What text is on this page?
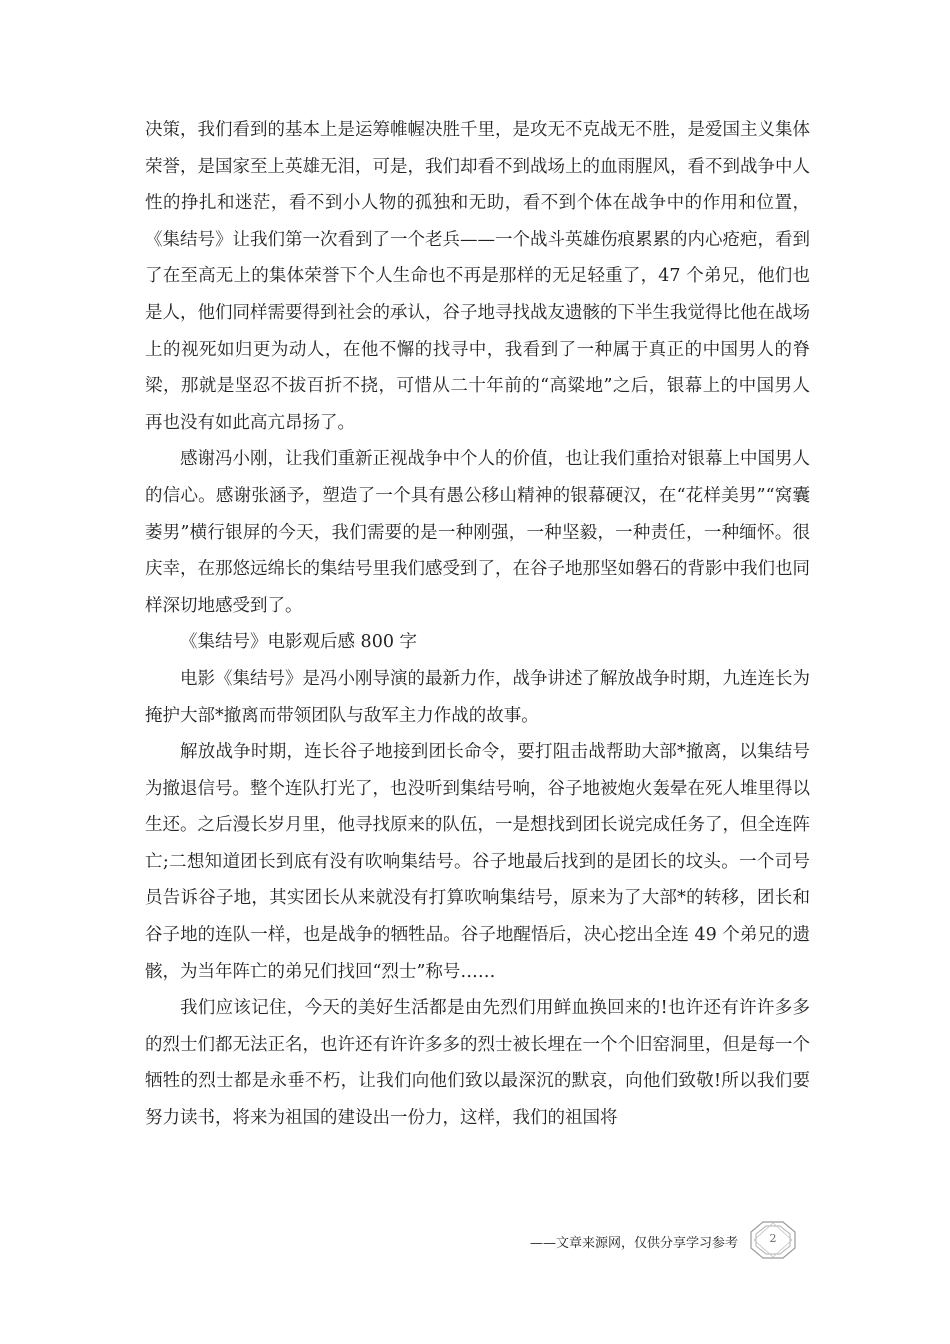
决策，我们看到的基本上是运筹帷幄决胜千里，是攻无不克战无不胜，是爱国主义集体荣誉，是国家至上英雄无泪，可是，我们却看不到战场上的血雨腥风，看不到战争中人性的挣扎和迷茫，看不到小人物的孤独和无助，看不到个体在战争中的作用和位置，《集结号》让我们第一次看到了一个老兵——一个战斗英雄伤痕累累的内心疮疤，看到了在至高无上的集体荣誉下个人生命也不再是那样的无足轻重了，47 个弟兄，他们也是人，他们同样需要得到社会的承认，谷子地寻找战友遗骸的下半生我觉得比他在战场上的视死如归更为动人，在他不懈的找寻中，我看到了一种属于真正的中国男人的脊梁，那就是坚忍不拔百折不挠，可惜从二十年前的“高粱地”之后，银幕上的中国男人再也没有如此高亢昂扬了。

感谢冯小刚，让我们重新正视战争中个人的价值，也让我们重拾对银幕上中国男人的信心。感谢张涵予，塑造了一个具有愚公移山精神的银幕硬汉，在“花样美男”“窝囊萎男”横行银屏的今天，我们需要的是一种刚强，一种坚毅，一种责任，一种缅怀。很庆幸，在那悠远绵长的集结号里我们感受到了，在谷子地那坚如磐石的背影中我们也同样深切地感受到了。

《集结号》电影观后感 800 字

电影《集结号》是冯小刚导演的最新力作，战争讲述了解放战争时期，九连连长为掩护大部*撤离而带领团队与敌军主力作战的故事。

解放战争时期，连长谷子地接到团长命令，要打阻击战帮助大部*撤离，以集结号为撤退信号。整个连队打光了，也没听到集结号响，谷子地被炮火轰晕在死人堆里得以生还。之后漫长岁月里，他寻找原来的队伍，一是想找到团长说完成任务了，但全连阵亡;二想知道团长到底有没有吹响集结号。谷子地最后找到的是团长的坟头。一个司号员告诉谷子地，其实团长从来就没有打算吹响集结号，原来为了大部*的转移，团长和谷子地的连队一样，也是战争的牺牲品。谷子地醒悟后，决心挖出全连 49 个弟兄的遗骸，为当年阵亡的弟兄们找回“烈士”称号……

我们应该记住，今天的美好生活都是由先烈们用鲜血换回来的!也许还有许许多多的烈士们都无法正名，也许还有许许多多的烈士被长埋在一个个旧窑洞里，但是每一个牺牲的烈士都是永垂不朽，让我们向他们致以最深沉的默哀，向他们致敬!所以我们要努力读书，将来为祖国的建设出一份力，这样，我们的祖国将

——文章来源网，仅供分享学习参考	2
